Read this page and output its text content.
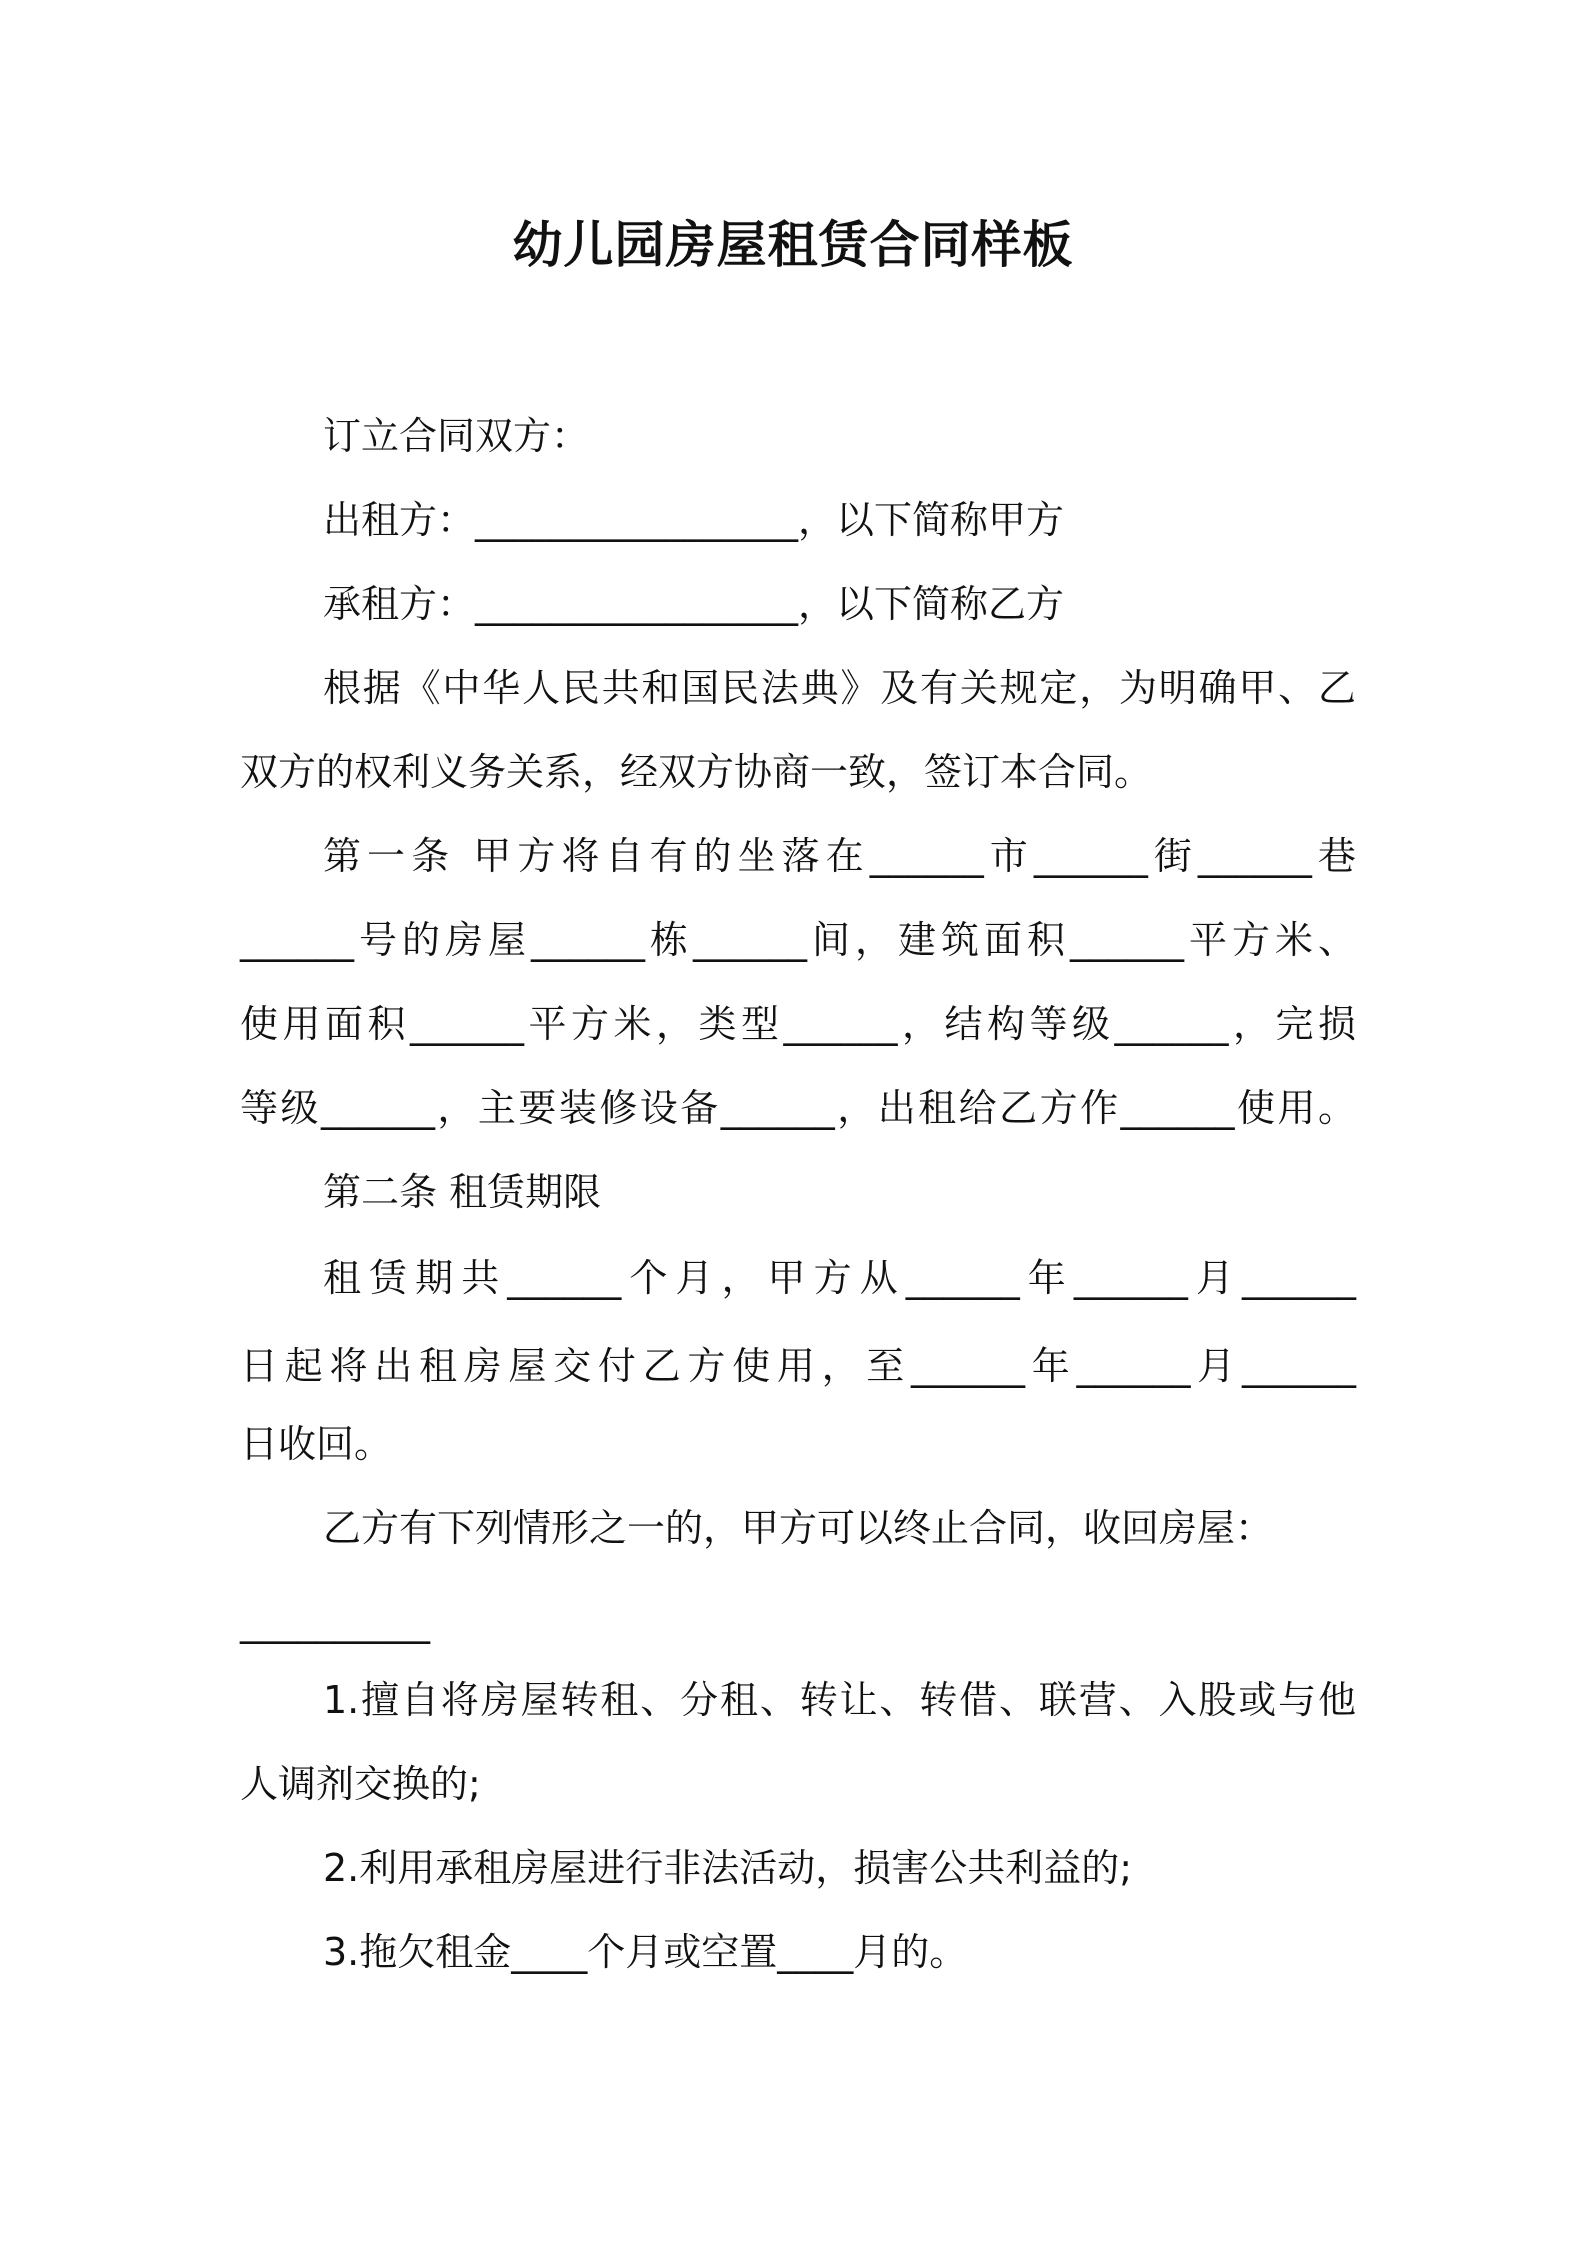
幼儿园房屋租赁合同样板
订立合同双方：
出租方：_________________，以下简称甲方
承租方：_________________，以下简称乙方
根据《中华人民共和国民法典》及有关规定，为明确甲、乙
双方的权利义务关系，经双方协商一致，签订本合同。
第一条 甲方将自有的坐落在______市______街______巷
______号的房屋______栋______间，建筑面积______平方米、
使用面积______平方米，类型______，结构等级______，完损
等级______，主要装修设备______，出租给乙方作______使用。
第二条 租赁期限
租赁期共______个月，甲方从______年______月______
日起将出租房屋交付乙方使用，至______年______月______
日收回。
乙方有下列情形之一的，甲方可以终止合同，收回房屋：
__________
1.擅自将房屋转租、分租、转让、转借、联营、入股或与他
人调剂交换的;
2.利用承租房屋进行非法活动，损害公共利益的;
3.拖欠租金____个月或空置____月的。
